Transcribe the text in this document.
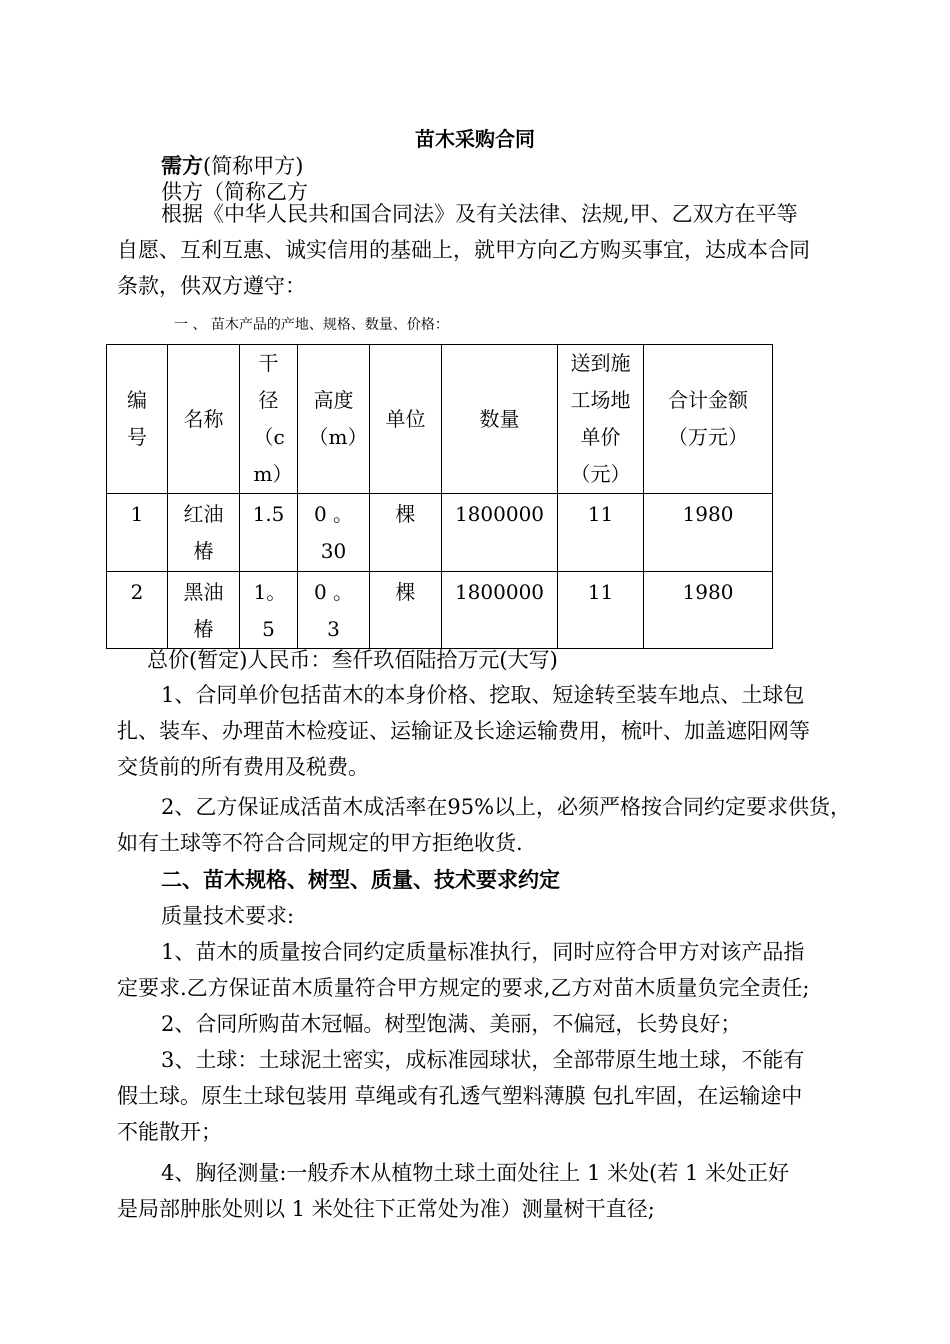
苗木采购合同
需方(简称甲方)
供方（简称乙方
根据《中华人民共和国合同法》及有关法律、法规,甲、乙双方在平等
自愿、互利互惠、诚实信用的基础上，就甲方向乙方购买事宜，达成本合同
条款，供双方遵守：
一 、 苗木产品的产地、规格、数量、价格：
编号	名称	干径（cm）	高度（m）	单位	数量	送到施工场地单价（元）	合计金额（万元）
1	红油椿	1.5	0 。30	棵	1800000	11	1980
2	黑油椿	1。5	0 。3	棵	1800000	11	1980
总价(暂定)人民币：叁仟玖佰陆拾万元(大写)
1、合同单价包括苗木的本身价格、挖取、短途转至装车地点、土球包
扎、装车、办理苗木检疫证、运输证及长途运输费用，梳叶、加盖遮阳网等
交货前的所有费用及税费。
2、乙方保证成活苗木成活率在95%以上，必须严格按合同约定要求供货，
如有土球等不符合合同规定的甲方拒绝收货.
二、苗木规格、树型、质量、技术要求约定
质量技术要求:
1、苗木的质量按合同约定质量标准执行，同时应符合甲方对该产品指
定要求.乙方保证苗木质量符合甲方规定的要求,乙方对苗木质量负完全责任;
2、合同所购苗木冠幅。树型饱满、美丽，不偏冠，长势良好；
3、土球：土球泥土密实，成标准园球状，全部带原生地土球，不能有
假土球。原生土球包装用 草绳或有孔透气塑料薄膜 包扎牢固，在运输途中
不能散开；
4、胸径测量:一般乔木从植物土球土面处往上 1 米处(若 1 米处正好
是局部肿胀处则以 1 米处往下正常处为准）测量树干直径;
